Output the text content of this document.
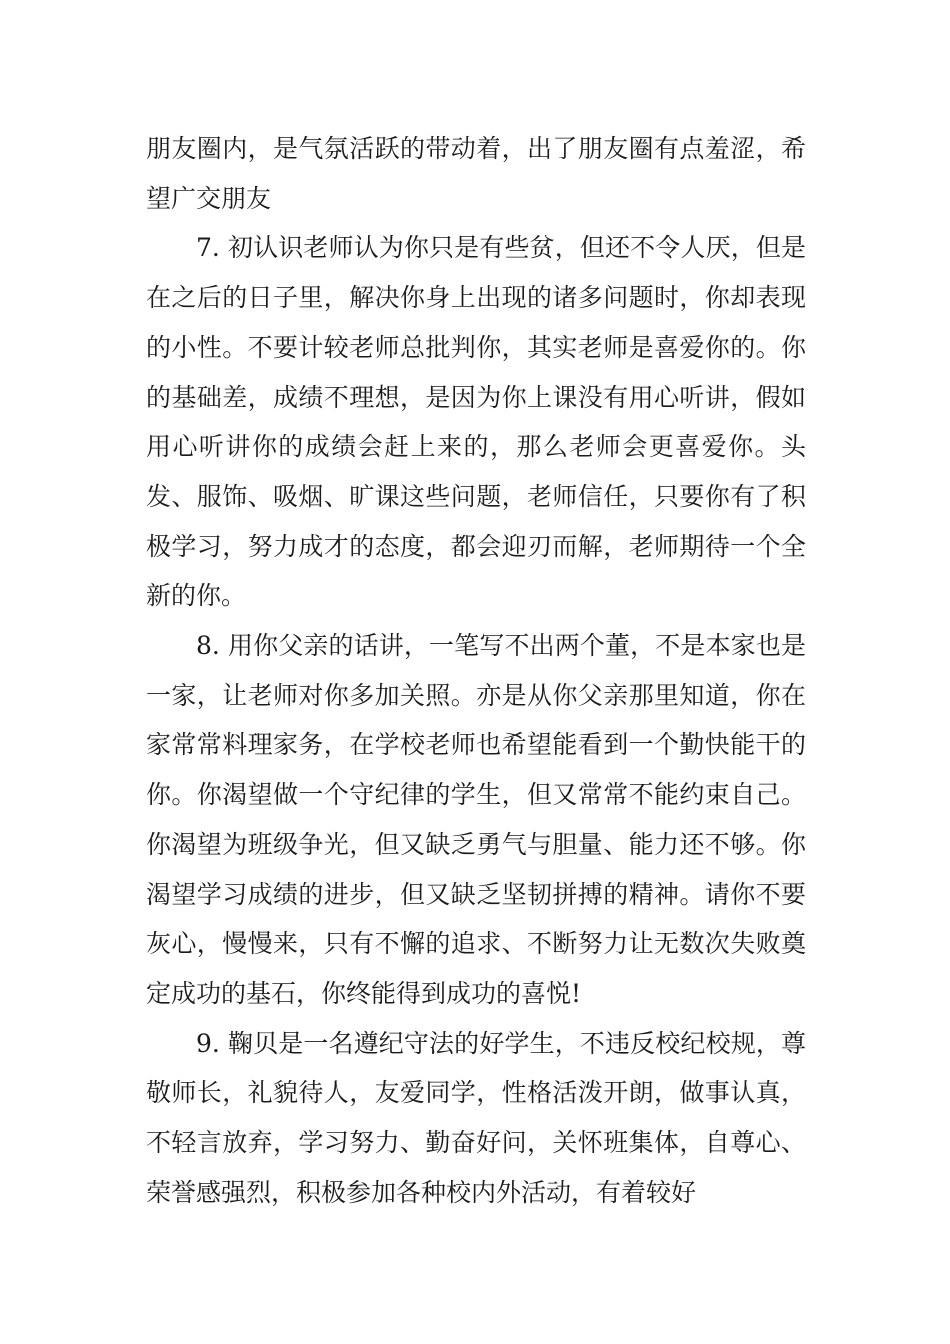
朋友圈内，是气氛活跃的带动着，出了朋友圈有点羞涩，希望广交朋友

7. 初认识老师认为你只是有些贫，但还不令人厌，但是在之后的日子里，解决你身上出现的诸多问题时，你却表现的小性。不要计较老师总批判你，其实老师是喜爱你的。你的基础差，成绩不理想，是因为你上课没有用心听讲，假如用心听讲你的成绩会赶上来的，那么老师会更喜爱你。头发、服饰、吸烟、旷课这些问题，老师信任，只要你有了积极学习，努力成才的态度，都会迎刃而解，老师期待一个全新的你。

8. 用你父亲的话讲，一笔写不出两个董，不是本家也是一家，让老师对你多加关照。亦是从你父亲那里知道，你在家常常料理家务，在学校老师也希望能看到一个勤快能干的你。你渴望做一个守纪律的学生，但又常常不能约束自己。你渴望为班级争光，但又缺乏勇气与胆量、能力还不够。你渴望学习成绩的进步，但又缺乏坚韧拼搏的精神。请你不要灰心，慢慢来，只有不懈的追求、不断努力让无数次失败奠定成功的基石，你终能得到成功的喜悦!

9. 鞠贝是一名遵纪守法的好学生，不违反校纪校规，尊敬师长，礼貌待人，友爱同学，性格活泼开朗，做事认真，不轻言放弃，学习努力、勤奋好问，关怀班集体，自尊心、荣誉感强烈，积极参加各种校内外活动，有着较好
